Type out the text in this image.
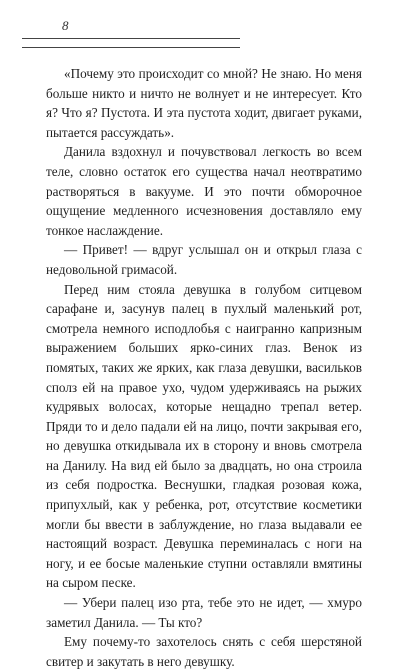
8

«Почему это происходит со мной? Не знаю. Но меня больше никто и ничто не волнует и не интересует. Кто я? Что я? Пустота. И эта пустота ходит, двигает руками, пытается рассуждать».

Данила вздохнул и почувствовал легкость во всем теле, словно остаток его существа начал неотвратимо растворяться в вакууме. И это почти обморочное ощущение медленного исчезновения доставляло ему тонкое наслаждение.

— Привет! — вдруг услышал он и открыл глаза с недовольной гримасой.

Перед ним стояла девушка в голубом ситцевом сарафане и, засунув палец в пухлый маленький рот, смотрела немного исподлобья с наигранно капризным выражением больших ярко-синих глаз. Венок из помятых, таких же ярких, как глаза девушки, васильков сполз ей на правое ухо, чудом удерживаясь на рыжих кудрявых волосах, которые нещадно трепал ветер. Пряди то и дело падали ей на лицо, почти закрывая его, но девушка откидывала их в сторону и вновь смотрела на Данилу. На вид ей было за двадцать, но она строила из себя подростка. Веснушки, гладкая розовая кожа, припухлый, как у ребенка, рот, отсутствие косметики могли бы ввести в заблуждение, но глаза выдавали ее настоящий возраст. Девушка переминалась с ноги на ногу, и ее босые маленькие ступни оставляли вмятины на сыром песке.

— Убери палец изо рта, тебе это не идет, — хмуро заметил Данила. — Ты кто?

Ему почему-то захотелось снять с себя шерстяной свитер и закутать в него девушку.
